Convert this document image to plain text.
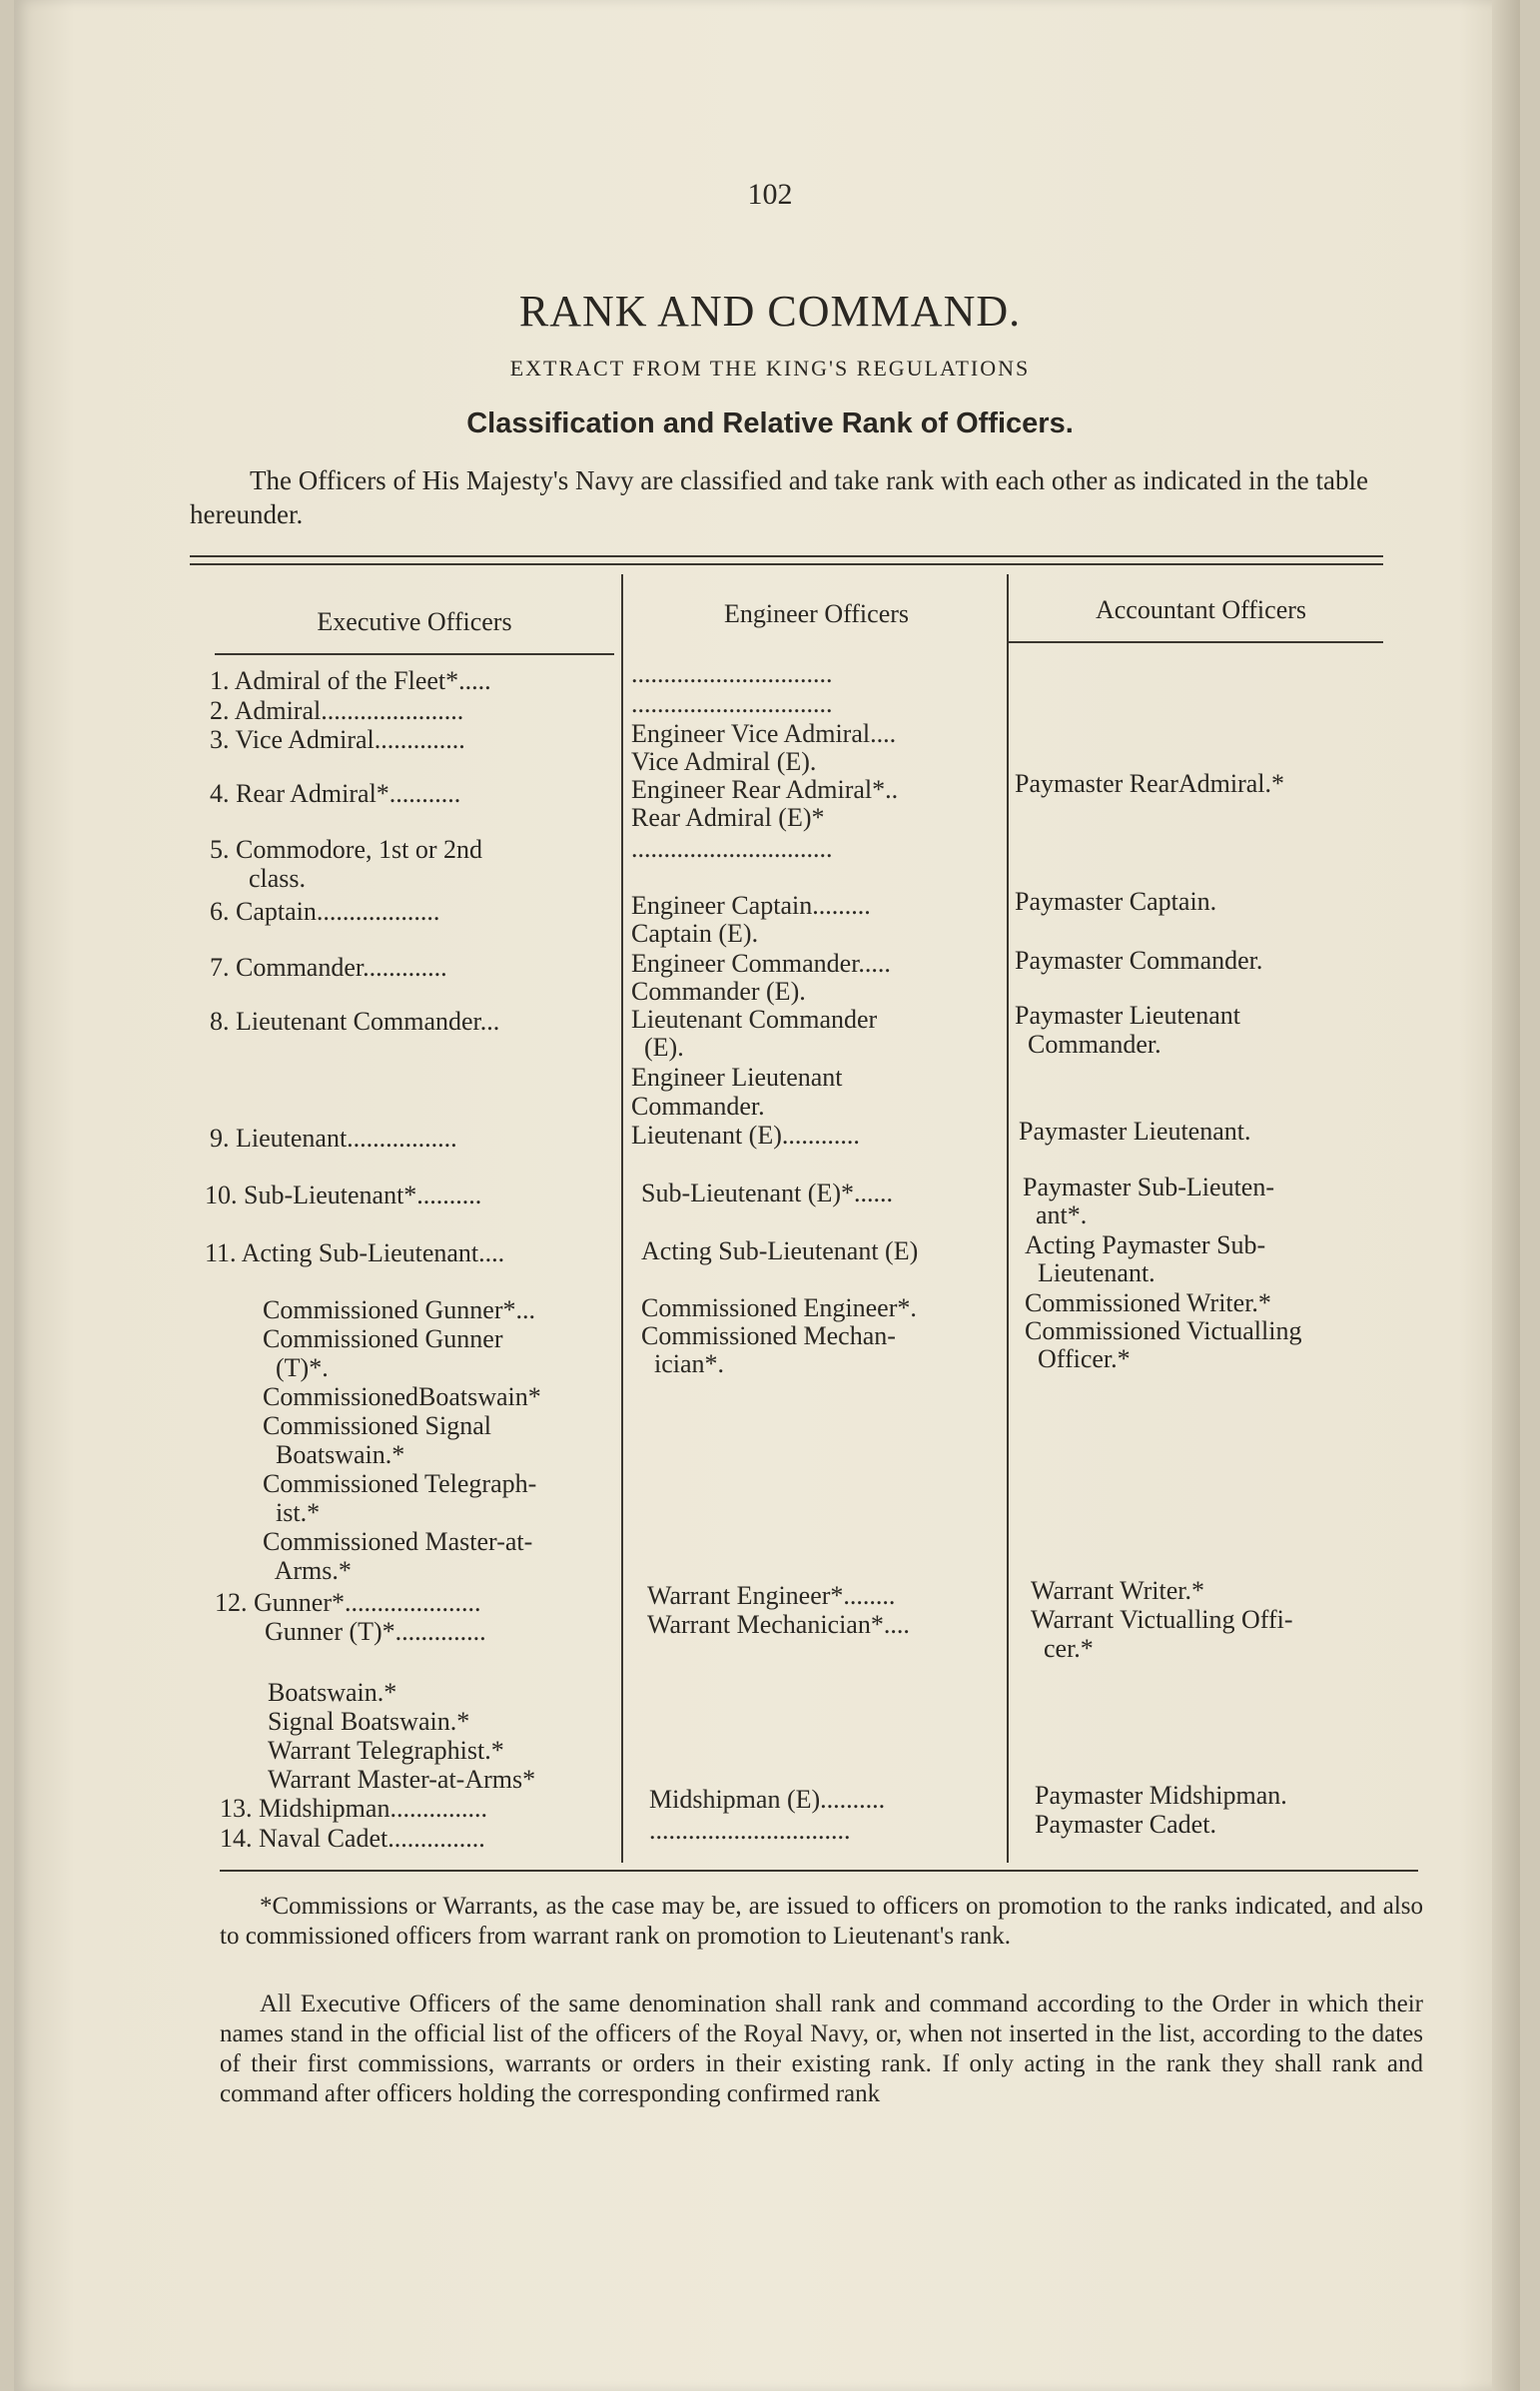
102
RANK AND COMMAND.
EXTRACT FROM THE KING'S REGULATIONS
Classification and Relative Rank of Officers.
The Officers of His Majesty's Navy are classified and take rank with each other as indicated in the table hereunder.
Executive Officers	Engineer Officers	Accountant Officers
1. Admiral of the Fleet*.....
2. Admiral......................
3. Vice Admiral..............
4. Rear Admiral*...........
5. Commodore, 1st or 2nd
class.
6. Captain...................
7. Commander.............
8. Lieutenant Commander...
9. Lieutenant.................
10. Sub-Lieutenant*..........
11. Acting Sub-Lieutenant....
Commissioned Gunner*...
Commissioned Gunner
(T)*.
CommissionedBoatswain*
Commissioned Signal
Boatswain.*
Commissioned Telegraph-
ist.*
Commissioned Master-at-
Arms.*
12. Gunner*.....................
Gunner (T)*..............
Boatswain.*
Signal Boatswain.*
Warrant Telegraphist.*
Warrant Master-at-Arms*
13. Midshipman...............
14. Naval Cadet...............
...............................
...............................
Engineer Vice Admiral....
Vice Admiral (E).
Engineer Rear Admiral*..
Rear Admiral (E)*
...............................
Engineer Captain.........
Captain (E).
Engineer Commander.....
Commander (E).
Lieutenant Commander
(E).
Engineer Lieutenant
Commander.
Lieutenant (E)............
Sub-Lieutenant (E)*......
Acting Sub-Lieutenant (E)
Commissioned Engineer*.
Commissioned Mechan-
ician*.
Warrant Engineer*........
Warrant Mechanician*....
Midshipman (E)..........
...............................
Paymaster RearAdmiral.*
Paymaster Captain.
Paymaster Commander.
Paymaster Lieutenant
Commander.
Paymaster Lieutenant.
Paymaster Sub-Lieuten-
ant*.
Acting Paymaster Sub-
Lieutenant.
Commissioned Writer.*
Commissioned Victualling
Officer.*
Warrant Writer.*
Warrant Victualling Offi-
cer.*
Paymaster Midshipman.
Paymaster Cadet.
*Commissions or Warrants, as the case may be, are issued to officers on promotion to the ranks indicated, and also to commissioned officers from warrant rank on promotion to Lieutenant's rank.
All Executive Officers of the same denomination shall rank and command according to the Order in which their names stand in the official list of the officers of the Royal Navy, or, when not inserted in the list, according to the dates of their first commissions, warrants or orders in their existing rank. If only acting in the rank they shall rank and command after officers holding the corresponding confirmed rank
